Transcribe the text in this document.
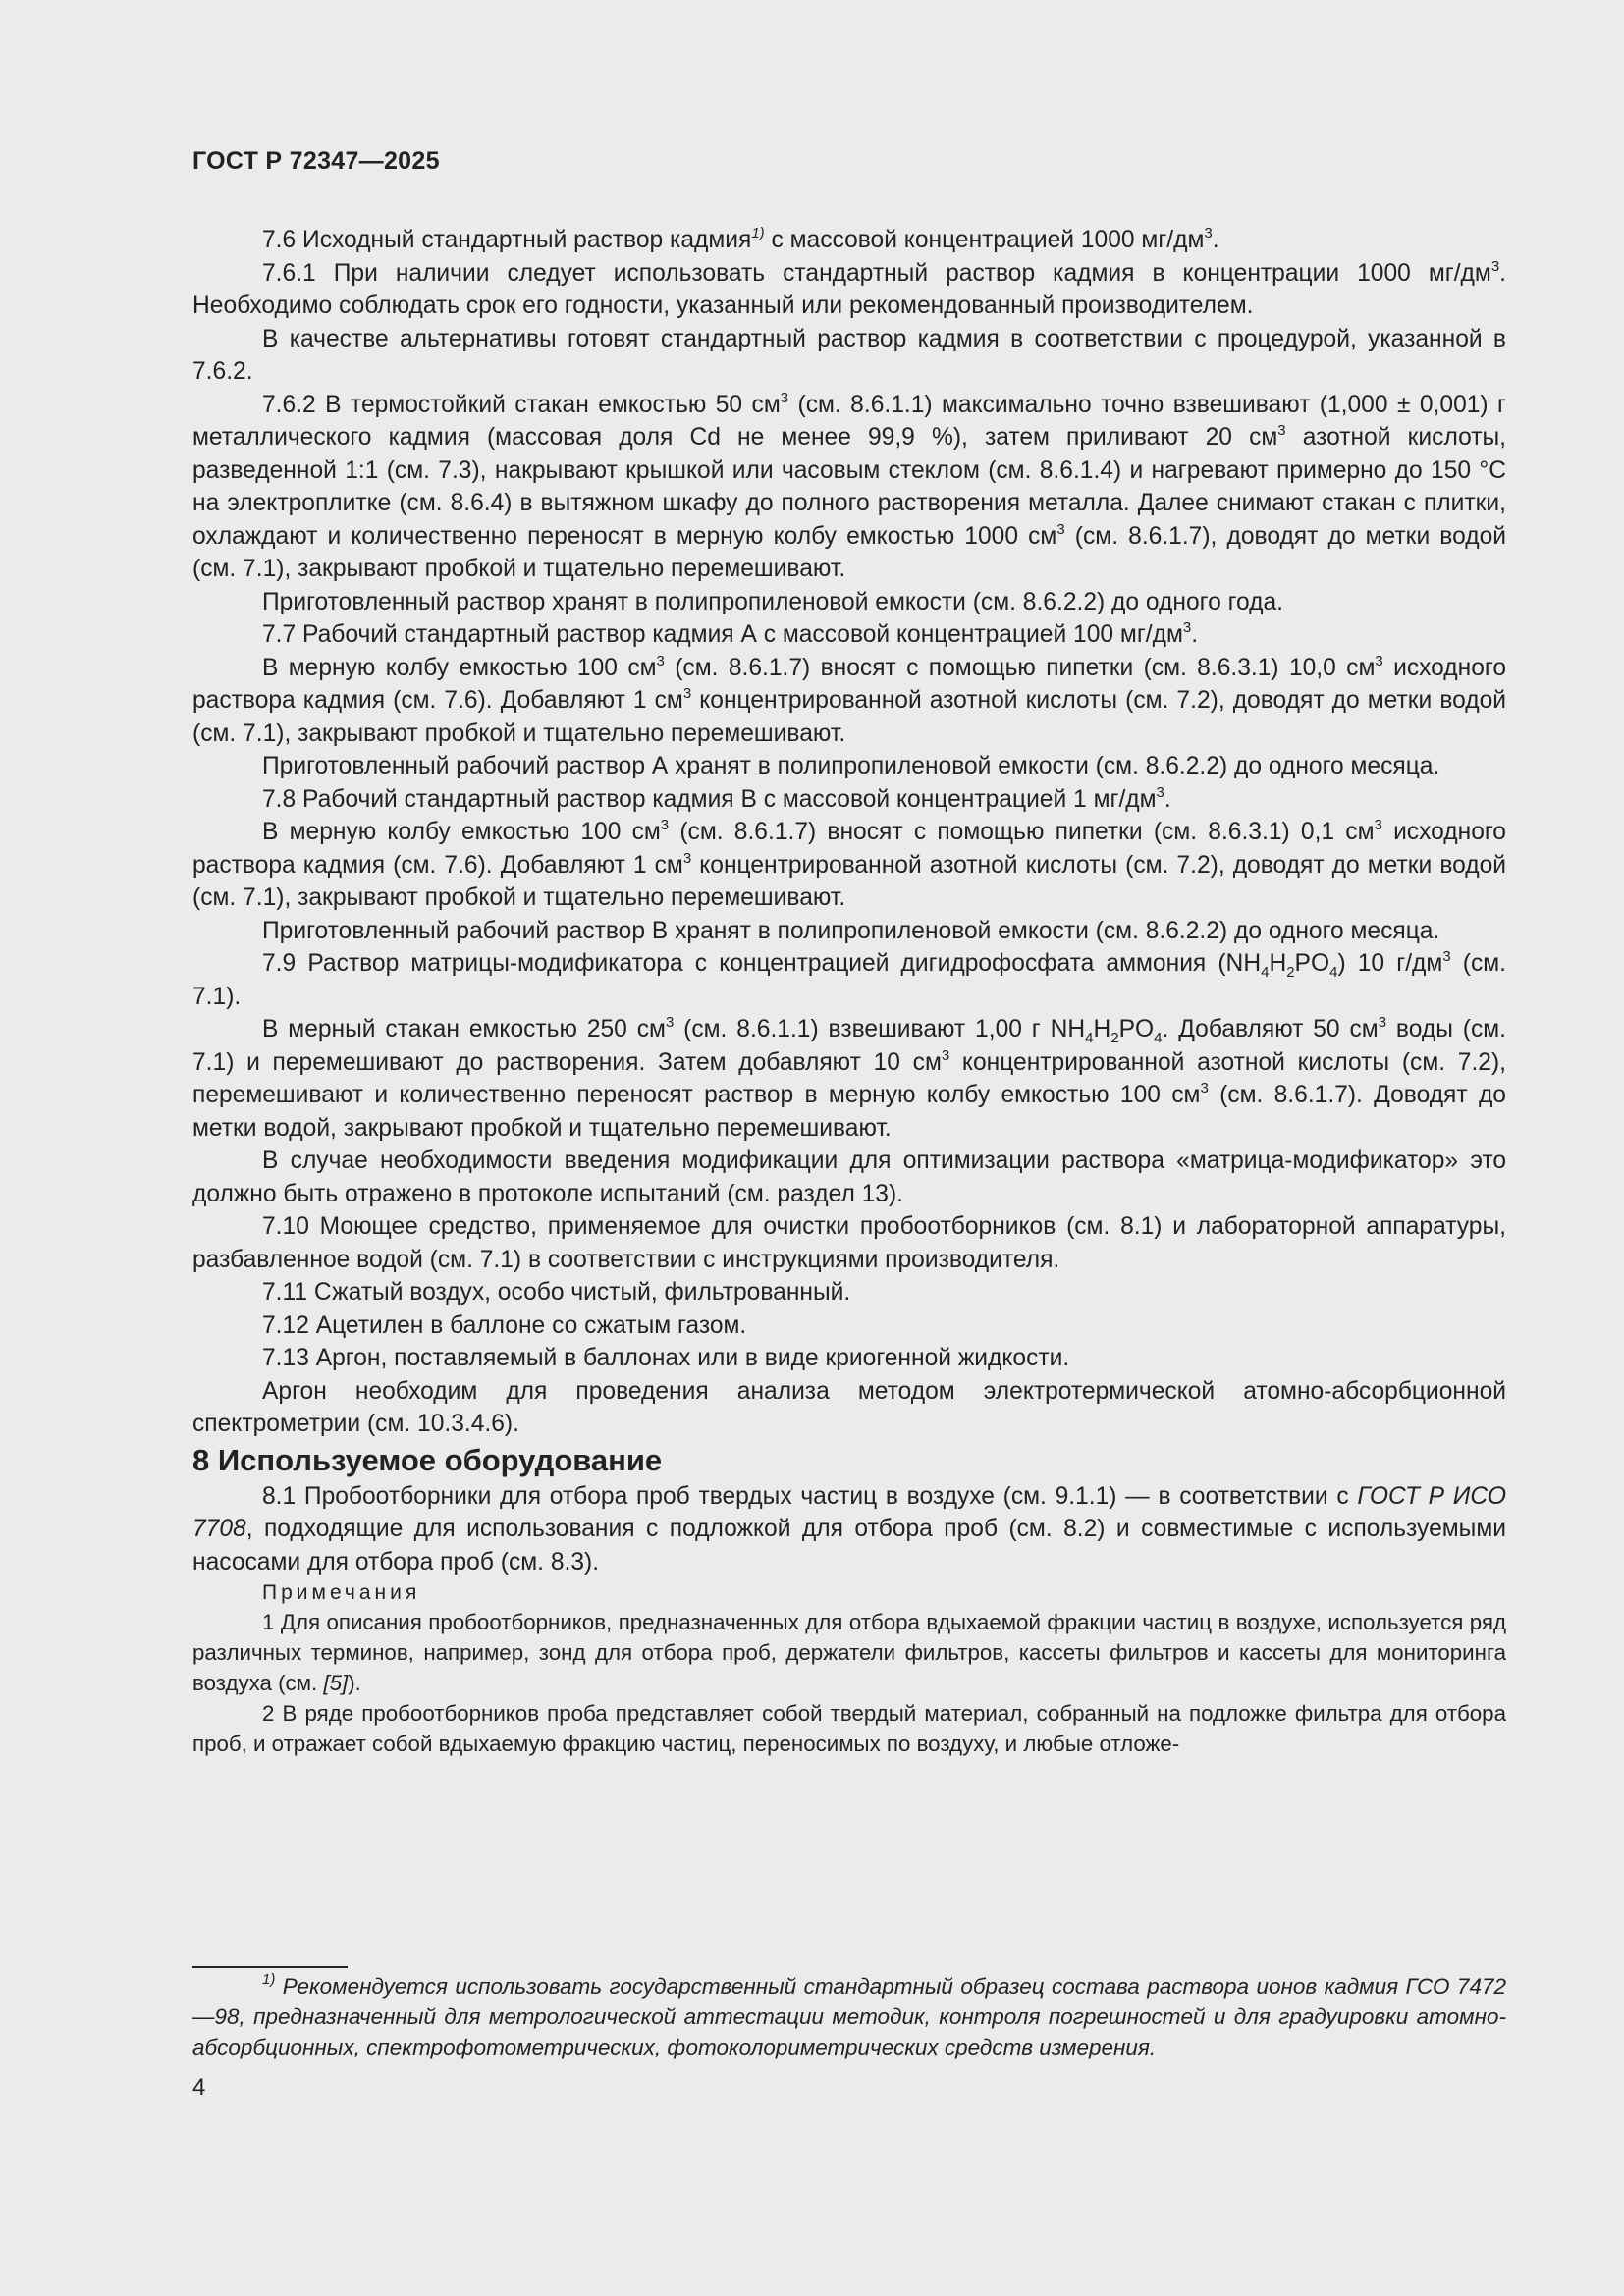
ГОСТ Р 72347—2025

7.6 Исходный стандартный раствор кадмия$^{1)}$ с массовой концентрацией 1000 $мг/дм^3$.

7.6.1 При наличии следует использовать стандартный раствор кадмия в концентрации 1000 $мг/дм^3$. Необходимо соблюдать срок его годности, указанный или рекомендованный производителем.

В качестве альтернативы готовят стандартный раствор кадмия в соответствии с процедурой, указанной в 7.6.2.

7.6.2 В термостойкий стакан емкостью 50 $см^3$ (см. 8.6.1.1) максимально точно взвешивают (1,000 ± 0,001) г металлического кадмия (массовая доля Cd не менее 99,9 %), затем приливают 20 $см^3$ азотной кислоты, разведенной 1:1 (см. 7.3), накрывают крышкой или часовым стеклом (см. 8.6.1.4) и нагревают примерно до 150 °С на электроплитке (см. 8.6.4) в вытяжном шкафу до полного растворения металла. Далее снимают стакан с плитки, охлаждают и количественно переносят в мерную колбу емкостью 1000 $см^3$ (см. 8.6.1.7), доводят до метки водой (см. 7.1), закрывают пробкой и тщательно перемешивают.

Приготовленный раствор хранят в полипропиленовой емкости (см. 8.6.2.2) до одного года.

7.7 Рабочий стандартный раствор кадмия А с массовой концентрацией 100 $мг/дм^3$.

В мерную колбу емкостью 100 $см^3$ (см. 8.6.1.7) вносят с помощью пипетки (см. 8.6.3.1) 10,0 $см^3$ исходного раствора кадмия (см. 7.6). Добавляют 1 $см^3$ концентрированной азотной кислоты (см. 7.2), доводят до метки водой (см. 7.1), закрывают пробкой и тщательно перемешивают.

Приготовленный рабочий раствор А хранят в полипропиленовой емкости (см. 8.6.2.2) до одного месяца.

7.8 Рабочий стандартный раствор кадмия В с массовой концентрацией 1 $мг/дм^3$.

В мерную колбу емкостью 100 $см^3$ (см. 8.6.1.7) вносят с помощью пипетки (см. 8.6.3.1) 0,1 $см^3$ исходного раствора кадмия (см. 7.6). Добавляют 1 $см^3$ концентрированной азотной кислоты (см. 7.2), доводят до метки водой (см. 7.1), закрывают пробкой и тщательно перемешивают.

Приготовленный рабочий раствор В хранят в полипропиленовой емкости (см. 8.6.2.2) до одного месяца.

7.9 Раствор матрицы-модификатора с концентрацией дигидрофосфата аммония $(NH_4H_2PO_4)$ 10 $г/дм^3$ (см. 7.1).

В мерный стакан емкостью 250 $см^3$ (см. 8.6.1.1) взвешивают 1,00 г $NH_4H_2PO_4$. Добавляют 50 $см^3$ воды (см. 7.1) и перемешивают до растворения. Затем добавляют 10 $см^3$ концентрированной азотной кислоты (см. 7.2), перемешивают и количественно переносят раствор в мерную колбу емкостью 100 $см^3$ (см. 8.6.1.7). Доводят до метки водой, закрывают пробкой и тщательно перемешивают.

В случае необходимости введения модификации для оптимизации раствора «матрица-модификатор» это должно быть отражено в протоколе испытаний (см. раздел 13).

7.10 Моющее средство, применяемое для очистки пробоотборников (см. 8.1) и лабораторной аппаратуры, разбавленное водой (см. 7.1) в соответствии с инструкциями производителя.

7.11 Сжатый воздух, особо чистый, фильтрованный.

7.12 Ацетилен в баллоне со сжатым газом.

7.13 Аргон, поставляемый в баллонах или в виде криогенной жидкости.

Аргон необходим для проведения анализа методом электротермической атомно-абсорбционной спектрометрии (см. 10.3.4.6).

8 Используемое оборудование

8.1 Пробоотборники для отбора проб твердых частиц в воздухе (см. 9.1.1) — в соответствии с ГОСТ Р ИСО 7708, подходящие для использования с подложкой для отбора проб (см. 8.2) и совместимые с используемыми насосами для отбора проб (см. 8.3).

Примечания

1 Для описания пробоотборников, предназначенных для отбора вдыхаемой фракции частиц в воздухе, используется ряд различных терминов, например, зонд для отбора проб, держатели фильтров, кассеты фильтров и кассеты для мониторинга воздуха (см. [5]).

2 В ряде пробоотборников проба представляет собой твердый материал, собранный на подложке фильтра для отбора проб, и отражает собой вдыхаемую фракцию частиц, переносимых по воздуху, и любые отложе-

$^{1)}$ Рекомендуется использовать государственный стандартный образец состава раствора ионов кадмия ГСО 7472—98, предназначенный для метрологической аттестации методик, контроля погрешностей и для градуировки атомно-абсорбционных, спектрофотометрических, фотоколориметрических средств измерения.

4
